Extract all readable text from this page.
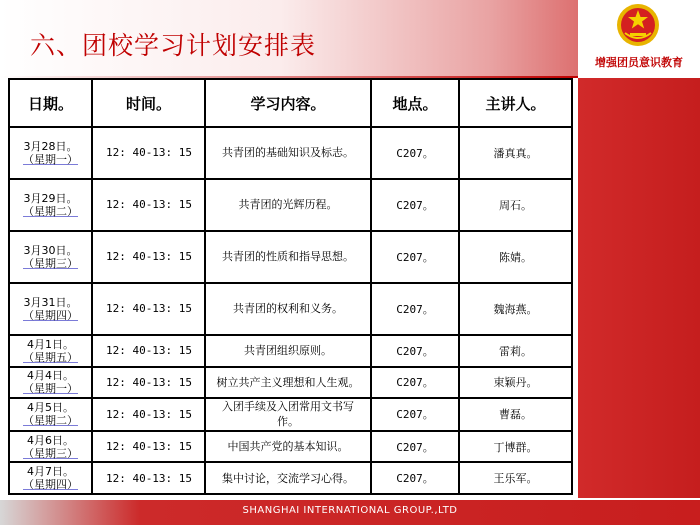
六、团校学习计划安排表
增强团员意识教育
日期。	时间。	学习内容。	地点。	主讲人。

3月28日。
（星期一）	12: 40-13: 15	共青团的基础知识及标志。	C207。	潘真真。

3月29日。
（星期二）	12: 40-13: 15	共青团的光辉历程。	C207。	周石。

3月30日。
（星期三）	12: 40-13: 15	共青团的性质和指导思想。	C207。	陈婧。

3月31日。
（星期四）	12: 40-13: 15	共青团的权利和义务。	C207。	魏海燕。

4月1日。
（星期五）	12: 40-13: 15	共青团组织原则。	C207。	雷莉。

4月4日。
（星期一）	12: 40-13: 15	树立共产主义理想和人生观。	C207。	束颖丹。

4月5日。
（星期二）	12: 40-13: 15	入团手续及入团常用文书写作。	C207。	曹磊。

4月6日。
（星期三）	12: 40-13: 15	中国共产党的基本知识。	C207。	丁博群。

4月7日。
（星期四）	12: 40-13: 15	集中讨论，交流学习心得。	C207。	王乐军。
SHANGHAI INTERNATIONAL GROUP.,LTD
